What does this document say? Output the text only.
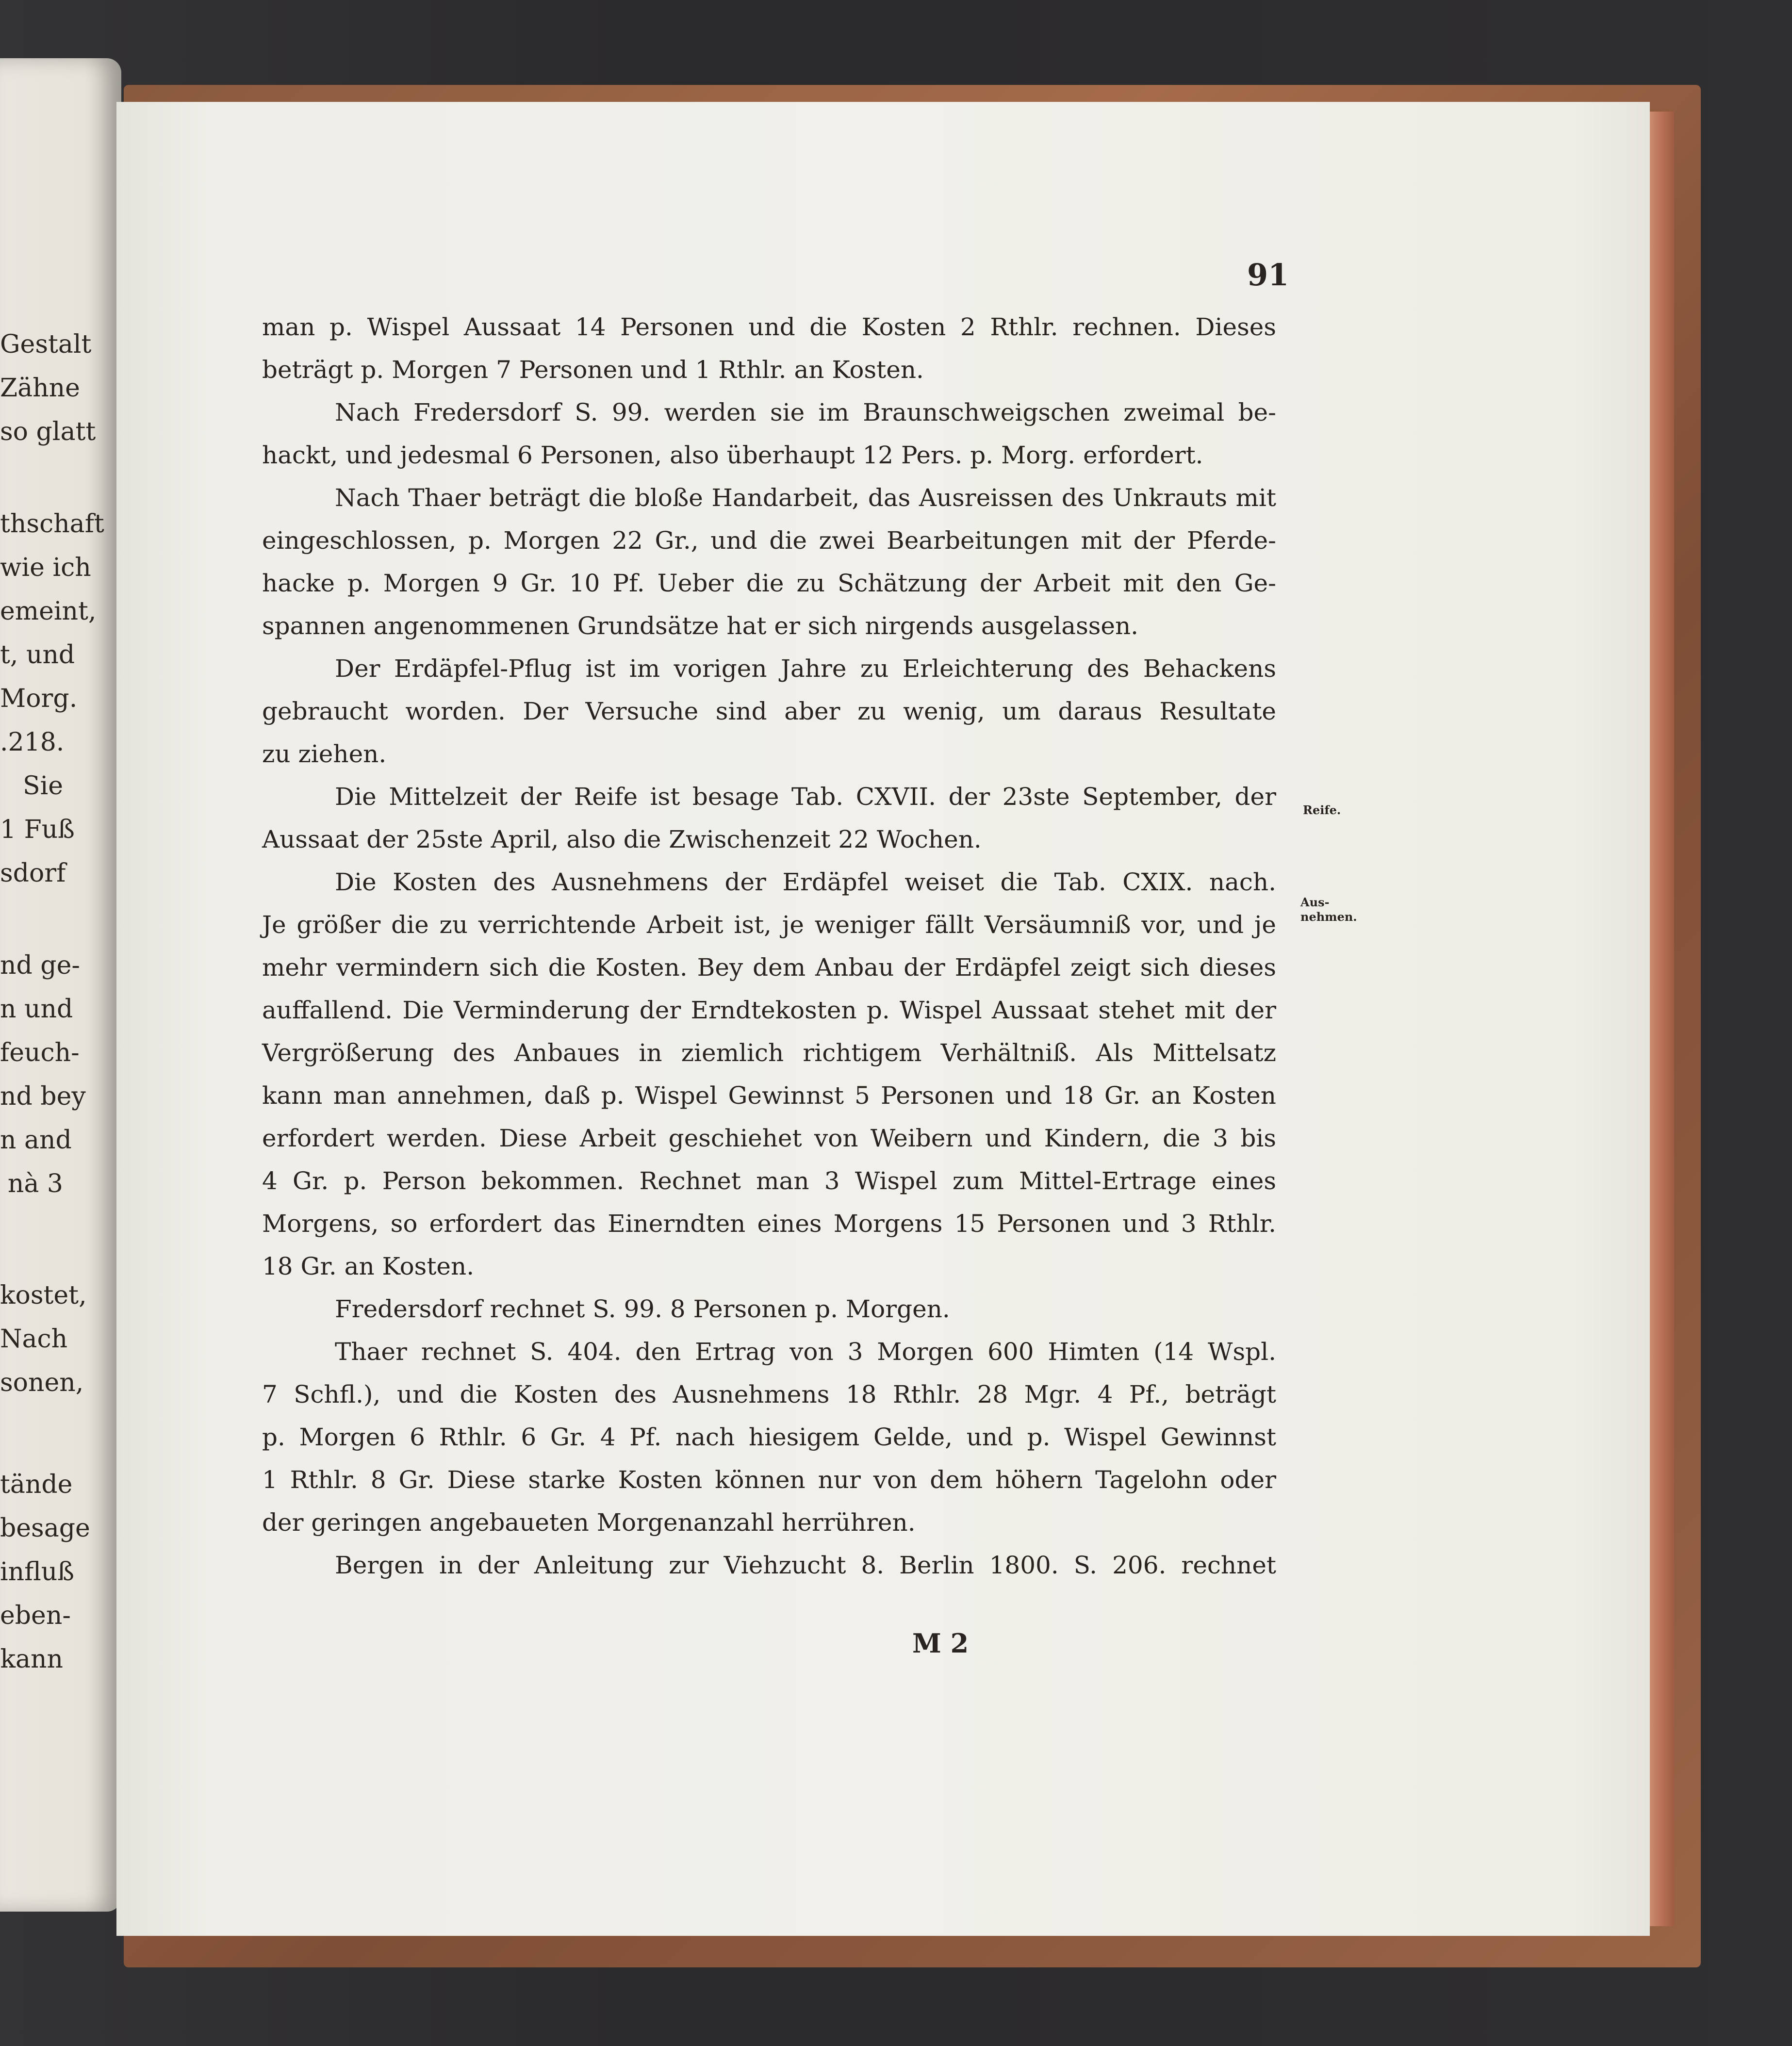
Gestalt
Zähne
so glatt
thschaft
wie ich
emeint,
t, und
Morg.
.218.
Sie
1 Fuß
sdorf
nd ge-
n und
feuch-
nd bey
n and
nà 3
kostet,
Nach
sonen,
tände
besage
influß
eben-
kann
91
man p. Wispel Aussaat 14 Personen und die Kosten 2 Rthlr. rechnen. Dieses
beträgt p. Morgen 7 Personen und 1 Rthlr. an Kosten.
Nach Fredersdorf S. 99. werden sie im Braunschweigschen zweimal be-
hackt, und jedesmal 6 Personen, also überhaupt 12 Pers. p. Morg. erfordert.
Nach Thaer beträgt die bloße Handarbeit, das Ausreissen des Unkrauts mit
eingeschlossen, p. Morgen 22 Gr., und die zwei Bearbeitungen mit der Pferde-
hacke p. Morgen 9 Gr. 10 Pf. Ueber die zu Schätzung der Arbeit mit den Ge-
spannen angenommenen Grundsätze hat er sich nirgends ausgelassen.
Der Erdäpfel-Pflug ist im vorigen Jahre zu Erleichterung des Behackens
gebraucht worden. Der Versuche sind aber zu wenig, um daraus Resultate
zu ziehen.
Die Mittelzeit der Reife ist besage Tab. CXVII. der 23ste September, der
Aussaat der 25ste April, also die Zwischenzeit 22 Wochen.
Die Kosten des Ausnehmens der Erdäpfel weiset die Tab. CXIX. nach.
Je größer die zu verrichtende Arbeit ist, je weniger fällt Versäumniß vor, und je
mehr vermindern sich die Kosten. Bey dem Anbau der Erdäpfel zeigt sich dieses
auffallend. Die Verminderung der Erndtekosten p. Wispel Aussaat stehet mit der
Vergrößerung des Anbaues in ziemlich richtigem Verhältniß. Als Mittelsatz
kann man annehmen, daß p. Wispel Gewinnst 5 Personen und 18 Gr. an Kosten
erfordert werden. Diese Arbeit geschiehet von Weibern und Kindern, die 3 bis
4 Gr. p. Person bekommen. Rechnet man 3 Wispel zum Mittel-Ertrage eines
Morgens, so erfordert das Einerndten eines Morgens 15 Personen und 3 Rthlr.
18 Gr. an Kosten.
Fredersdorf rechnet S. 99. 8 Personen p. Morgen.
Thaer rechnet S. 404. den Ertrag von 3 Morgen 600 Himten (14 Wspl.
7 Schfl.), und die Kosten des Ausnehmens 18 Rthlr. 28 Mgr. 4 Pf., beträgt
p. Morgen 6 Rthlr. 6 Gr. 4 Pf. nach hiesigem Gelde, und p. Wispel Gewinnst
1 Rthlr. 8 Gr. Diese starke Kosten können nur von dem höhern Tagelohn oder
der geringen angebaueten Morgenanzahl herrühren.
Bergen in der Anleitung zur Viehzucht 8. Berlin 1800. S. 206. rechnet
Reife.
Aus-nehmen.
M 2
